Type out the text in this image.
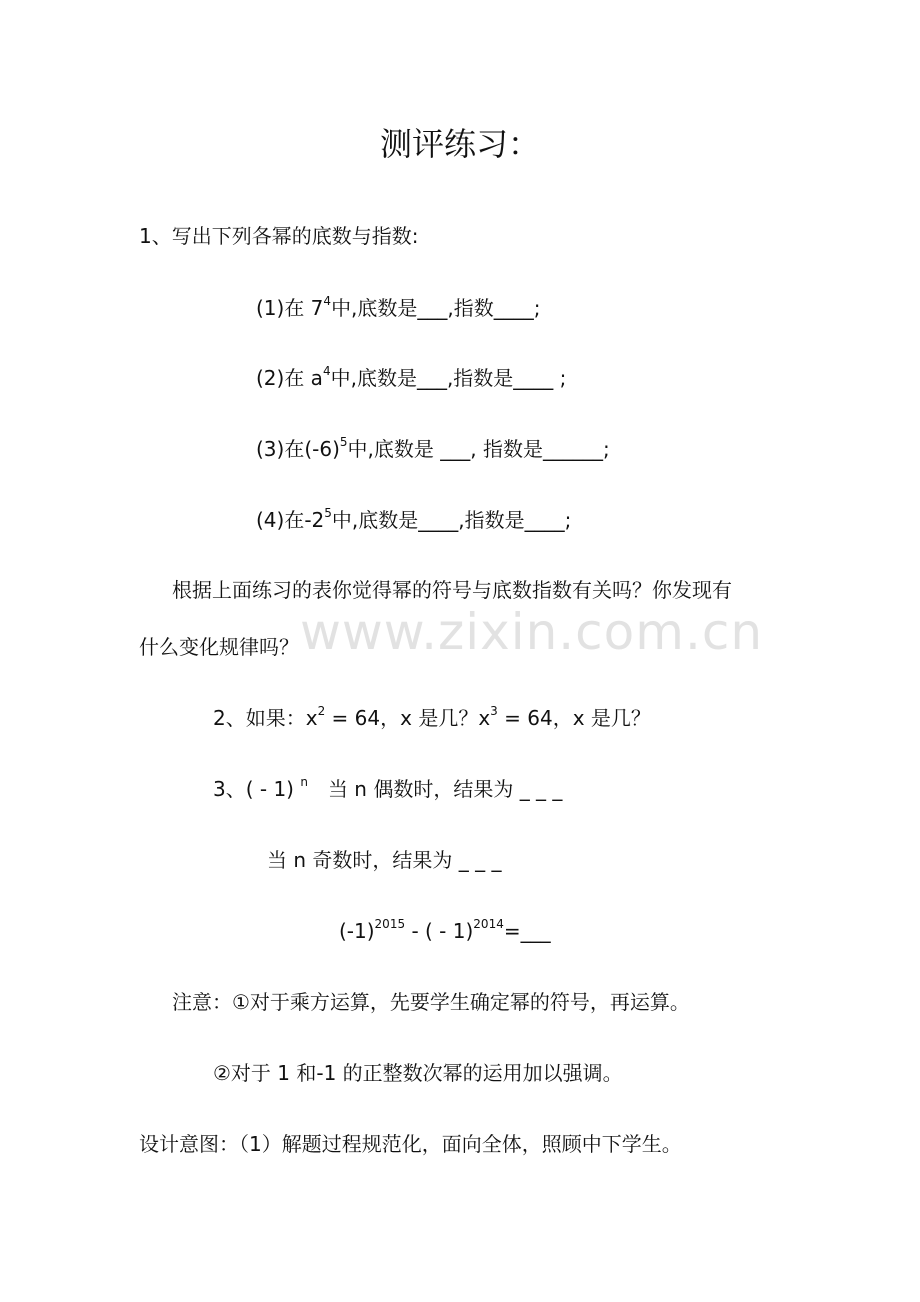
www.zixin.com.cn
测评练习：
1、写出下列各幂的底数与指数:
(1)在 $7^4$中,底数是___,指数____;
(2)在 $a^4$中,底数是___,指数是____ ;
(3)在$(-6)^5$中,底数是 ___, 指数是______;
(4)在$-2^5$中,底数是____,指数是____;
根据上面练习的表你觉得幂的符号与底数指数有关吗？你发现有
什么变化规律吗？
2、如果：$x^2 = 64$，x 是几？$x^3 = 64$，x 是几？
3、( - 1) $^n$　当 n 偶数时，结果为 _ _ _
当 n 奇数时，结果为 _ _ _
$(-1)^{2015}$ - ( - 1)$^{2014}$=___
注意：①对于乘方运算，先要学生确定幂的符号，再运算。
②对于 1 和-1 的正整数次幂的运用加以强调。
设计意图：（1）解题过程规范化，面向全体，照顾中下学生。
